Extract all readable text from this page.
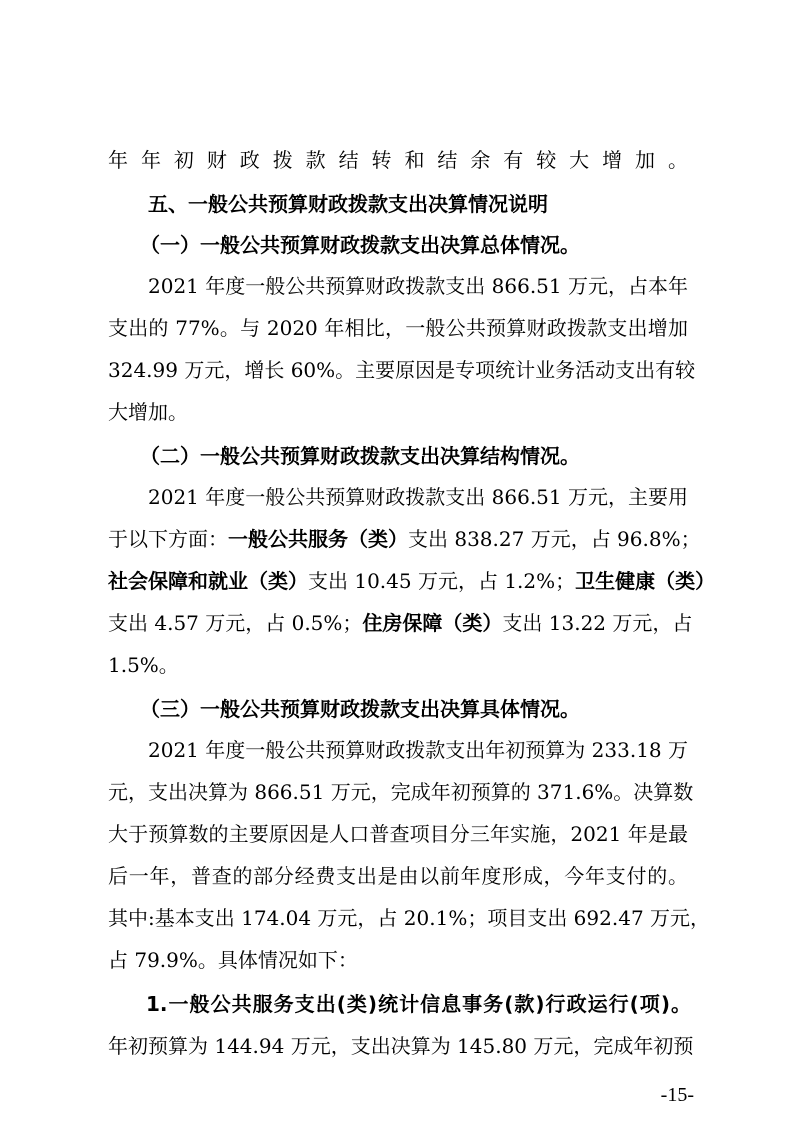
年年初财政拨款结转和结余有较大增加。
五、一般公共预算财政拨款支出决算情况说明
（一）一般公共预算财政拨款支出决算总体情况。
2021 年度一般公共预算财政拨款支出 866.51 万元，占本年
支出的 77%。与 2020 年相比，一般公共预算财政拨款支出增加
324.99 万元，增长 60%。主要原因是专项统计业务活动支出有较
大增加。
（二）一般公共预算财政拨款支出决算结构情况。
2021 年度一般公共预算财政拨款支出 866.51 万元，主要用
于以下方面：一般公共服务（类）支出 838.27 万元，占 96.8%；
社会保障和就业（类）支出 10.45 万元，占 1.2%；卫生健康（类）
支出 4.57 万元，占 0.5%；住房保障（类）支出 13.22 万元，占
1.5%。
（三）一般公共预算财政拨款支出决算具体情况。
2021 年度一般公共预算财政拨款支出年初预算为 233.18 万
元，支出决算为 866.51 万元，完成年初预算的 371.6%。决算数
大于预算数的主要原因是人口普查项目分三年实施，2021 年是最
后一年，普查的部分经费支出是由以前年度形成，今年支付的。
其中:基本支出 174.04 万元，占 20.1%；项目支出 692.47 万元，
占 79.9%。具体情况如下：
1.一般公共服务支出(类)统计信息事务(款)行政运行(项)。
年初预算为 144.94 万元，支出决算为 145.80 万元，完成年初预
-15-
